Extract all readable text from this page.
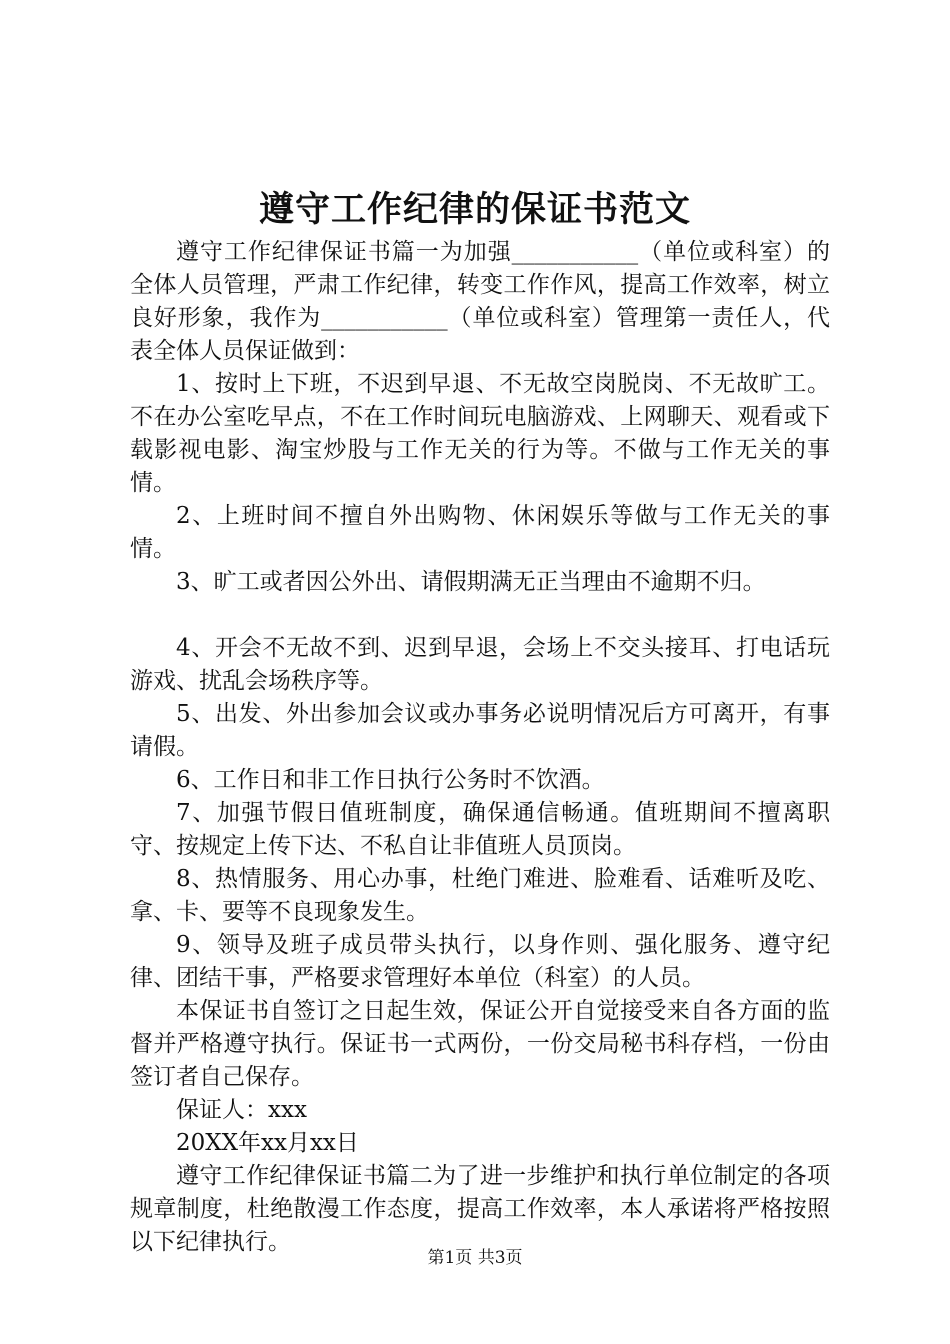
遵守工作纪律的保证书范文

遵守工作纪律保证书篇一为加强___________（单位或科室）的全体人员管理，严肃工作纪律，转变工作作风，提高工作效率，树立良好形象，我作为___________（单位或科室）管理第一责任人，代表全体人员保证做到：

1、按时上下班，不迟到早退、不无故空岗脱岗、不无故旷工。不在办公室吃早点，不在工作时间玩电脑游戏、上网聊天、观看或下载影视电影、淘宝炒股与工作无关的行为等。不做与工作无关的事情。

2、上班时间不擅自外出购物、休闲娱乐等做与工作无关的事情。

3、旷工或者因公外出、请假期满无正当理由不逾期不归。

4、开会不无故不到、迟到早退，会场上不交头接耳、打电话玩游戏、扰乱会场秩序等。

5、出发、外出参加会议或办事务必说明情况后方可离开，有事请假。

6、工作日和非工作日执行公务时不饮酒。

7、加强节假日值班制度，确保通信畅通。值班期间不擅离职守、按规定上传下达、不私自让非值班人员顶岗。

8、热情服务、用心办事，杜绝门难进、脸难看、话难听及吃、拿、卡、要等不良现象发生。

9、领导及班子成员带头执行，以身作则、强化服务、遵守纪律、团结干事，严格要求管理好本单位（科室）的人员。

本保证书自签订之日起生效，保证公开自觉接受来自各方面的监督并严格遵守执行。保证书一式两份，一份交局秘书科存档，一份由签订者自己保存。

保证人：xxx

20XX年xx月xx日

遵守工作纪律保证书篇二为了进一步维护和执行单位制定的各项规章制度，杜绝散漫工作态度，提高工作效率，本人承诺将严格按照以下纪律执行。

第1页 共3页
